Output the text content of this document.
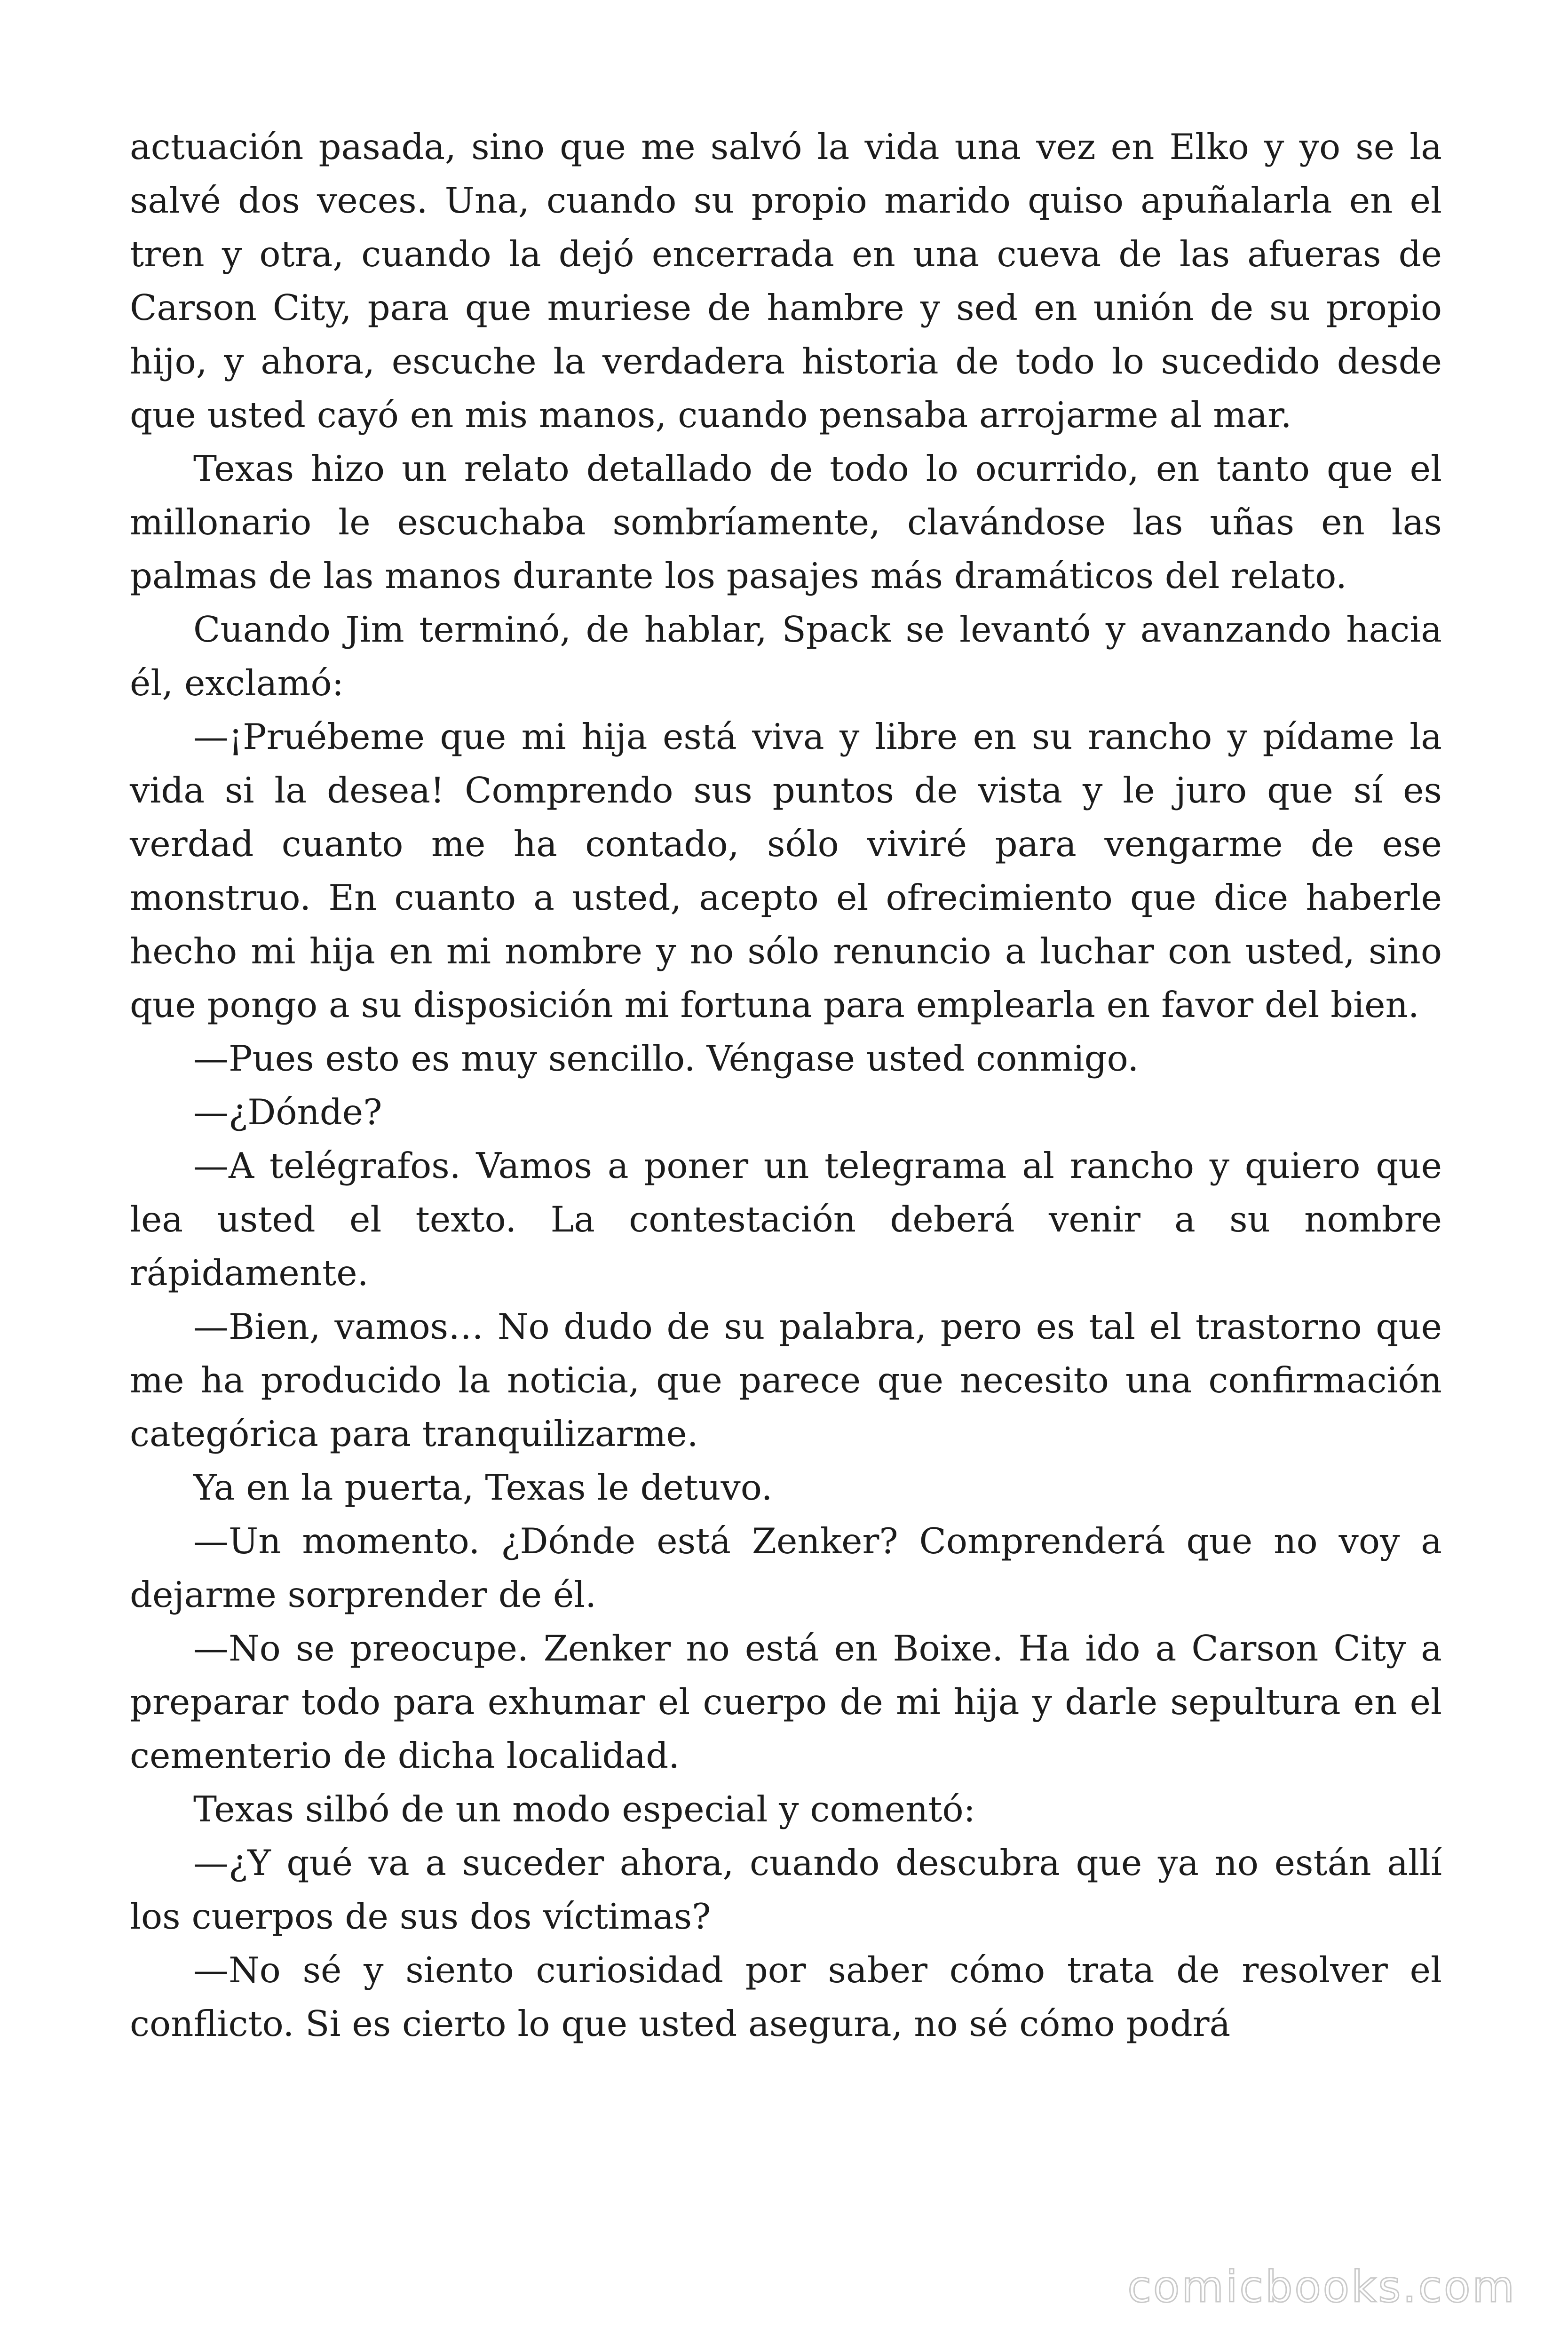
actuación pasada, sino que me salvó la vida una vez en Elko y yo se la salvé dos veces. Una, cuando su propio marido quiso apuñalarla en el tren y otra, cuando la dejó encerrada en una cueva de las afueras de Carson City, para que muriese de hambre y sed en unión de su propio hijo, y ahora, escuche la verdadera historia de todo lo sucedido desde que usted cayó en mis manos, cuando pensaba arrojarme al mar.

Texas hizo un relato detallado de todo lo ocurrido, en tanto que el millonario le escuchaba sombríamente, clavándose las uñas en las palmas de las manos durante los pasajes más dramáticos del relato.

Cuando Jim terminó, de hablar, Spack se levantó y avanzando hacia él, exclamó:

—¡Pruébeme que mi hija está viva y libre en su rancho y pídame la vida si la desea! Comprendo sus puntos de vista y le juro que sí es verdad cuanto me ha contado, sólo viviré para vengarme de ese monstruo. En cuanto a usted, acepto el ofrecimiento que dice haberle hecho mi hija en mi nombre y no sólo renuncio a luchar con usted, sino que pongo a su disposición mi fortuna para emplearla en favor del bien.

—Pues esto es muy sencillo. Véngase usted conmigo.

—¿Dónde?

—A telégrafos. Vamos a poner un telegrama al rancho y quiero que lea usted el texto. La contestación deberá venir a su nombre rápidamente.

—Bien, vamos… No dudo de su palabra, pero es tal el trastorno que me ha producido la noticia, que parece que necesito una confirmación categórica para tranquilizarme.

Ya en la puerta, Texas le detuvo.

—Un momento. ¿Dónde está Zenker? Comprenderá que no voy a dejarme sorprender de él.

—No se preocupe. Zenker no está en Boixe. Ha ido a Carson City a preparar todo para exhumar el cuerpo de mi hija y darle sepultura en el cementerio de dicha localidad.

Texas silbó de un modo especial y comentó:

—¿Y qué va a suceder ahora, cuando descubra que ya no están allí los cuerpos de sus dos víctimas?

—No sé y siento curiosidad por saber cómo trata de resolver el conflicto. Si es cierto lo que usted asegura, no sé cómo podrá

comicbooks.com
